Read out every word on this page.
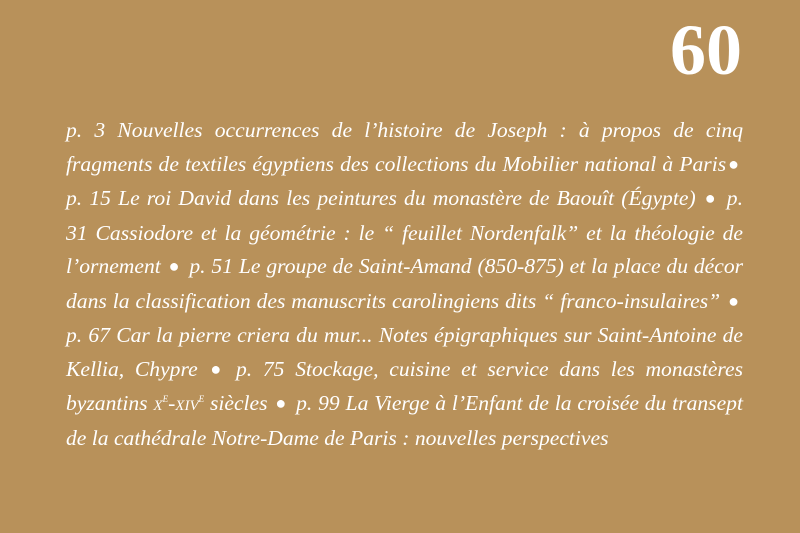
60

p. 3 Nouvelles occurrences de l’histoire de Joseph : à propos de cinq fragments de textiles égyptiens des collections du Mobilier national à Paris ● p. 15 Le roi David dans les peintures du monastère de Baouît (Égypte) ● p. 31 Cassiodore et la géométrie : le “ feuillet Nordenfalk” et la théologie de l’ornement ● p. 51 Le groupe de Saint-Amand (850-875) et la place du décor dans la classification des manuscrits carolingiens dits “ franco-insulaires” ● p. 67 Car la pierre criera du mur... Notes épigraphiques sur Saint-Antoine de Kellia, Chypre ● p. 75 Stockage, cuisine et service dans les monastères byzantins $x^e-xiv^e$ siècles ● p. 99 La Vierge à l’Enfant de la croisée du transept de la cathédrale Notre-Dame de Paris : nouvelles perspectives
